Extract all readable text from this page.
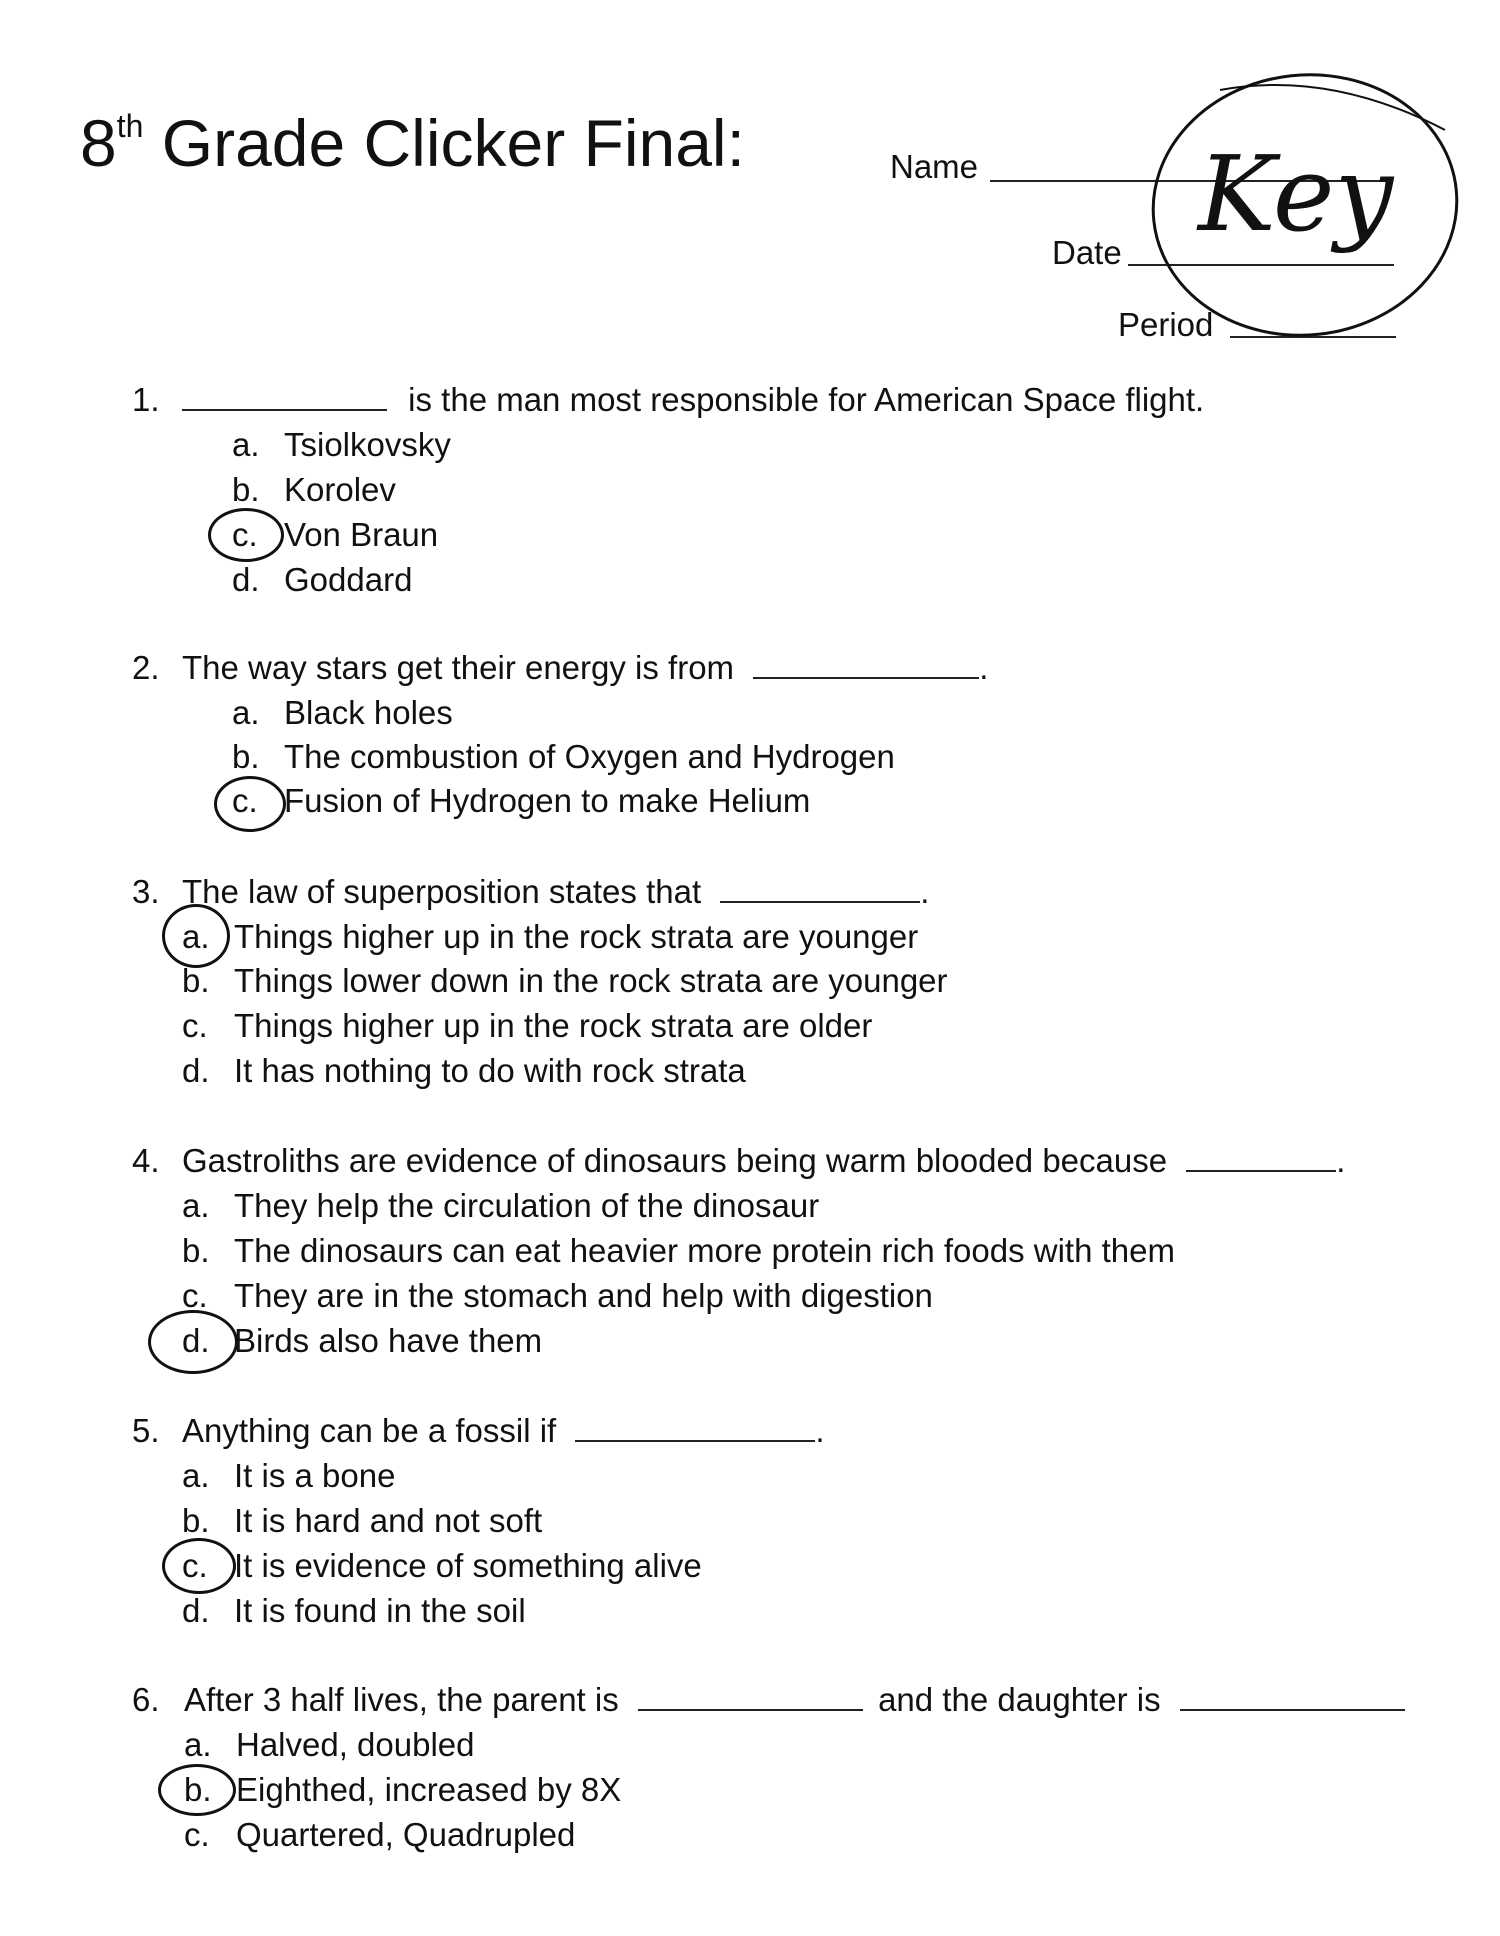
8th Grade Clicker Final:	Name
Date
Period
Key
1.	is the man most responsible for American Space flight.
a. Tsiolkovsky
b. Korolev
c. Von Braun
d. Goddard
2. The way stars get their energy is from	.
a. Black holes
b. The combustion of Oxygen and Hydrogen
c. Fusion of Hydrogen to make Helium
3. The law of superposition states that	.
a. Things higher up in the rock strata are younger
b. Things lower down in the rock strata are younger
c. Things higher up in the rock strata are older
d. It has nothing to do with rock strata
4. Gastroliths are evidence of dinosaurs being warm blooded because	.
a. They help the circulation of the dinosaur
b. The dinosaurs can eat heavier more protein rich foods with them
c. They are in the stomach and help with digestion
d. Birds also have them
5. Anything can be a fossil if	.
a. It is a bone
b. It is hard and not soft
c. It is evidence of something alive
d. It is found in the soil
6. After 3 half lives, the parent is	and the daughter is
a. Halved, doubled
b. Eighthed, increased by 8X
c. Quartered, Quadrupled
